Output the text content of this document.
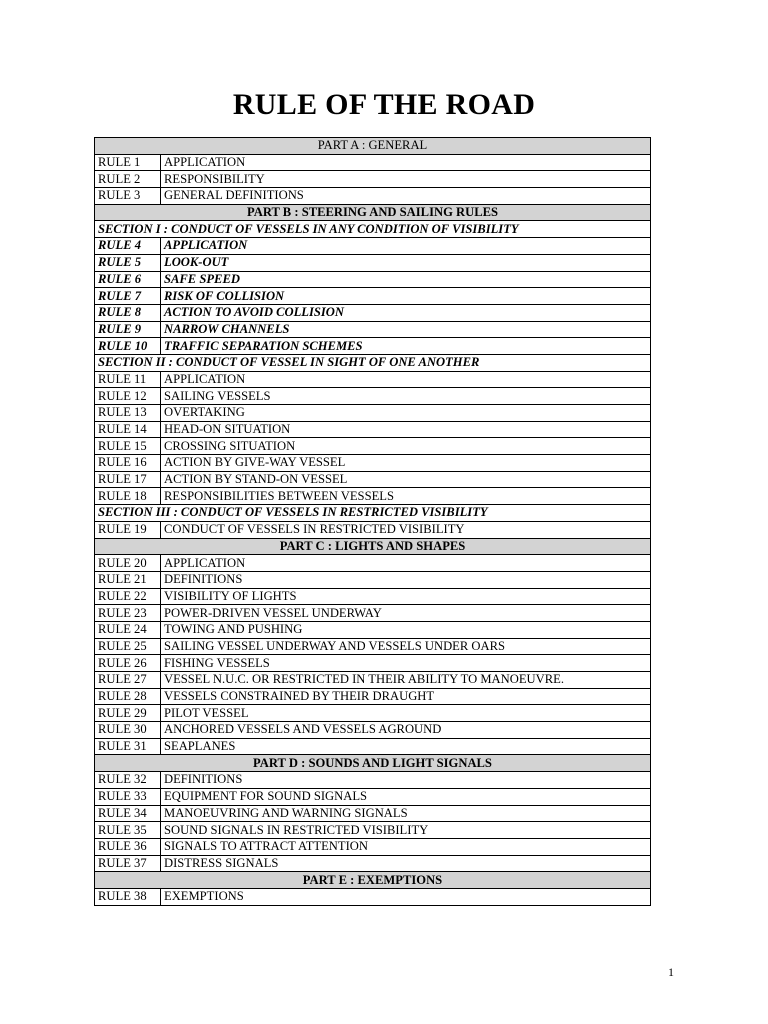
RULE OF THE ROAD
PART A : GENERAL	
RULE 1	APPLICATION
RULE 2	RESPONSIBILITY
RULE 3	GENERAL DEFINITIONS
PART B : STEERING AND SAILING RULES	
SECTION I : CONDUCT OF VESSELS IN ANY CONDITION OF VISIBILITY	
RULE 4	APPLICATION
RULE 5	LOOK-OUT
RULE 6	SAFE SPEED
RULE 7	RISK OF COLLISION
RULE 8	ACTION TO AVOID COLLISION
RULE 9	NARROW CHANNELS
RULE 10	TRAFFIC SEPARATION SCHEMES
SECTION II : CONDUCT OF VESSEL IN SIGHT OF ONE ANOTHER	
RULE 11	APPLICATION
RULE 12	SAILING VESSELS
RULE 13	OVERTAKING
RULE 14	HEAD-ON SITUATION
RULE 15	CROSSING SITUATION
RULE 16	ACTION BY GIVE-WAY VESSEL
RULE 17	ACTION BY STAND-ON VESSEL
RULE 18	RESPONSIBILITIES BETWEEN VESSELS
SECTION III : CONDUCT OF VESSELS IN RESTRICTED VISIBILITY	
RULE 19	CONDUCT OF VESSELS IN RESTRICTED VISIBILITY
PART C : LIGHTS AND SHAPES	
RULE 20	APPLICATION
RULE 21	DEFINITIONS
RULE 22	VISIBILITY OF LIGHTS
RULE 23	POWER-DRIVEN VESSEL UNDERWAY
RULE 24	TOWING AND PUSHING
RULE 25	SAILING VESSEL UNDERWAY AND VESSELS UNDER OARS
RULE 26	FISHING VESSELS
RULE 27	VESSEL N.U.C. OR RESTRICTED IN THEIR ABILITY TO MANOEUVRE.
RULE 28	VESSELS CONSTRAINED BY THEIR DRAUGHT
RULE 29	PILOT VESSEL
RULE 30	ANCHORED VESSELS AND VESSELS AGROUND
RULE 31	SEAPLANES
PART D : SOUNDS AND LIGHT SIGNALS	
RULE 32	DEFINITIONS
RULE 33	EQUIPMENT FOR SOUND SIGNALS
RULE 34	MANOEUVRING AND WARNING SIGNALS
RULE 35	SOUND SIGNALS IN RESTRICTED VISIBILITY
RULE 36	SIGNALS TO ATTRACT ATTENTION
RULE 37	DISTRESS SIGNALS
PART E : EXEMPTIONS	
RULE 38	EXEMPTIONS
1
